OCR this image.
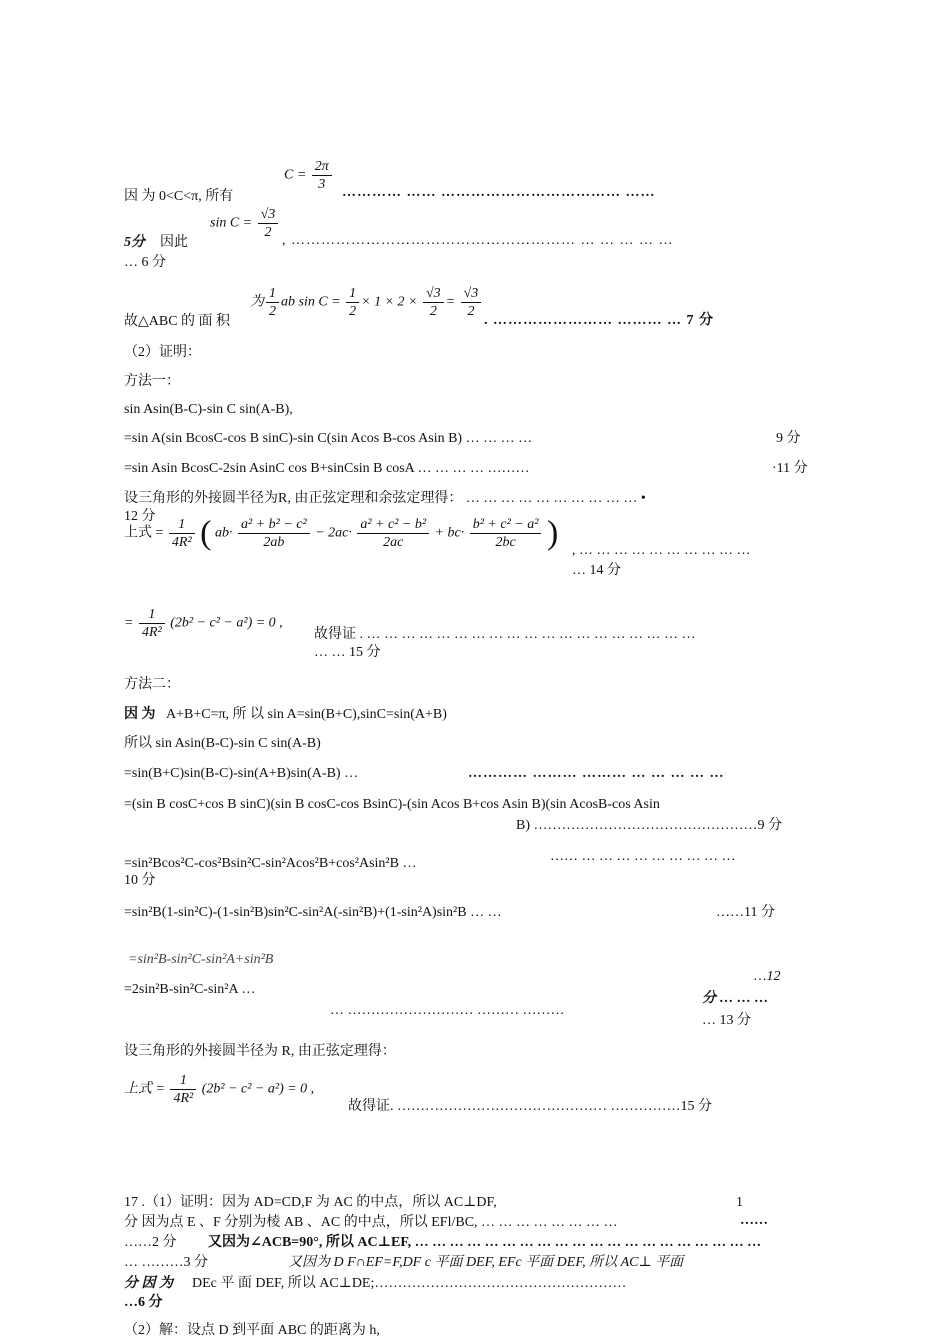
因 为 0<C<π, 所有
$C = \frac{2\pi}{3}$ ………… …… ……………………………… ……
5分 因此
$\sin C = \frac{√3}{2}$ , ………………………………………………… … … … … …
… 6 分
故△ABC 的 面 积
为 $\frac{1}{2}$ ab $\sin C = \frac{1}{2} \times 1 \times 2 \times \frac{√3}{2} = \frac{√3}{2}$
. …………………… ……… … 7 分
（2）证明：
方法一：
sin Asin(B-C)-sin C sin(A-B),
=sin A(sin BcosC-cos B sinC)-sin C(sin Acos B-cos Asin B) … … … …	9 分
=sin Asin BcosC-2sin AsinC cos B+sinCsin B cosA … … … … ………	·11 分
设三角形的外接圆半径为R, 由正弦定理和余弦定理得： … … … … … … … … … … •
12 分
上式 = $\frac{1}{\text{4R²}}$ ( $ab\cdot \frac{\text{a² + b² − c²}}{2ab} - 2ac\cdot \frac{\text{a² + c² − b²}}{2ac} + bc\cdot \frac{\text{b² + c² − a²}}{2bc}$ ) , … … … … … … … … … …
… 14 分
= $\frac{1}{\text{4R²}} (2b^2 - c^2 - a^2) = 0$ ,
故得证 . … … … … … … … … … … … … … … … … … … …
… … 15 分
方法二：
因 为 A+B+C=π, 所 以 sin A=sin(B+C),sinC=sin(A+B)
所以 sin Asin(B-C)-sin C sin(A-B)
=sin(B+C)sin(B-C)-sin(A+B)sin(A-B) …	………… ……… ……… … … … … …
=(sin B cosC+cos B sinC)(sin B cosC-cos BsinC)-(sin Acos B+cos Asin B)(sin AcosB-cos Asin
B) …………………………………………9 分
=sin²Bcos²C-cos²Bsin²C-sin²Acos²B+cos²Asin²B …	…… … … … … … … … … …
10 分
=sin²B(1-sin²C)-(1-sin²B)sin²C-sin²A(-sin²B)+(1-sin²A)sin²B … …	……11 分
=sin²B-sin²C-sin²A+sin²B
…12
=2sin²B-sin²C-sin²A …
… ……………………… ……… ………
分 … … …
… 13 分
设三角形的外接圆半径为 R, 由正弦定理得：
上式 = $\frac{1}{\text{4R²}} (2b^2 - c^2 - a^2) = 0$ ,
故得证. ……………………………………… ……………15 分
17 .（1）证明：因为 AD=CD,F 为 AC 的中点，所以 AC⊥DF,	1
分 因为点 E 、F 分别为棱 AB 、AC 的中点，所以 EFl/BC, … … … … … … … …	……
……2 分 又因为∠ACB=90°, 所以 AC⊥EF, … … … … … … … … … … … … … … … … … … … …
… ………3 分	又因为 D F∩EF=F,DF c 平面 DEF, EFc 平面 DEF, 所以 AC⊥ 平面
分 因 为 DEc 平 面 DEF, 所以 AC⊥DE;………………………………………………
…6 分
（2）解：设点 D 到平面 ABC 的距离为 h,
